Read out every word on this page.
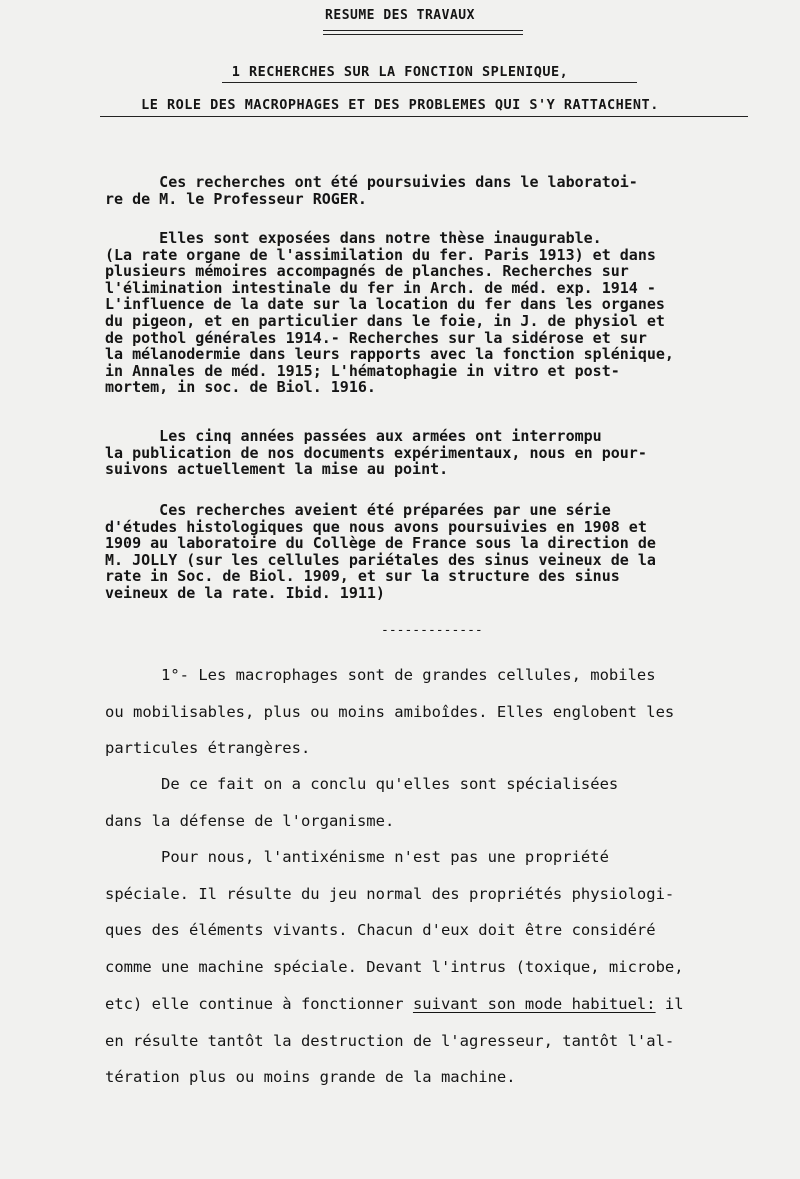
RESUME DES TRAVAUX
1 RECHERCHES SUR LA FONCTION SPLENIQUE,
LE ROLE DES MACROPHAGES ET DES PROBLEMES QUI S'Y RATTACHENT.
Ces recherches ont été poursuivies dans le laboratoi-
re de M. le Professeur ROGER.
Elles sont exposées dans notre thèse inaugurable.
(La rate organe de l'assimilation du fer. Paris 1913) et dans
plusieurs mémoires accompagnés de planches. Recherches sur
l'élimination intestinale du fer in Arch. de méd. exp. 1914 -
L'influence de la date sur la location du fer dans les organes
du pigeon, et en particulier dans le foie, in J. de physiol et
de pothol générales 1914.- Recherches sur la sidérose et sur
la mélanodermie dans leurs rapports avec la fonction splénique,
in Annales de méd. 1915; L'hématophagie in vitro et post-
mortem, in soc. de Biol. 1916.
Les cinq années passées aux armées ont interrompu
la publication de nos documents expérimentaux, nous en pour-
suivons actuellement la mise au point.
Ces recherches aveient été préparées par une série
d'études histologiques que nous avons poursuivies en 1908 et
1909 au laboratoire du Collège de France sous la direction de
M. JOLLY (sur les cellules pariétales des sinus veineux de la
rate in Soc. de Biol. 1909, et sur la structure des sinus
veineux de la rate. Ibid. 1911)
-------------
1°- Les macrophages sont de grandes cellules, mobiles
ou mobilisables, plus ou moins amiboîdes. Elles englobent les
particules étrangères.
De ce fait on a conclu qu'elles sont spécialisées
dans la défense de l'organisme.
Pour nous, l'antixénisme n'est pas une propriété
spéciale. Il résulte du jeu normal des propriétés physiologi-
ques des éléments vivants. Chacun d'eux doit être considéré
comme une machine spéciale. Devant l'intrus (toxique, microbe,
etc) elle continue à fonctionner suivant son mode habituel: il
en résulte tantôt la destruction de l'agresseur, tantôt l'al-
tération plus ou moins grande de la machine.
